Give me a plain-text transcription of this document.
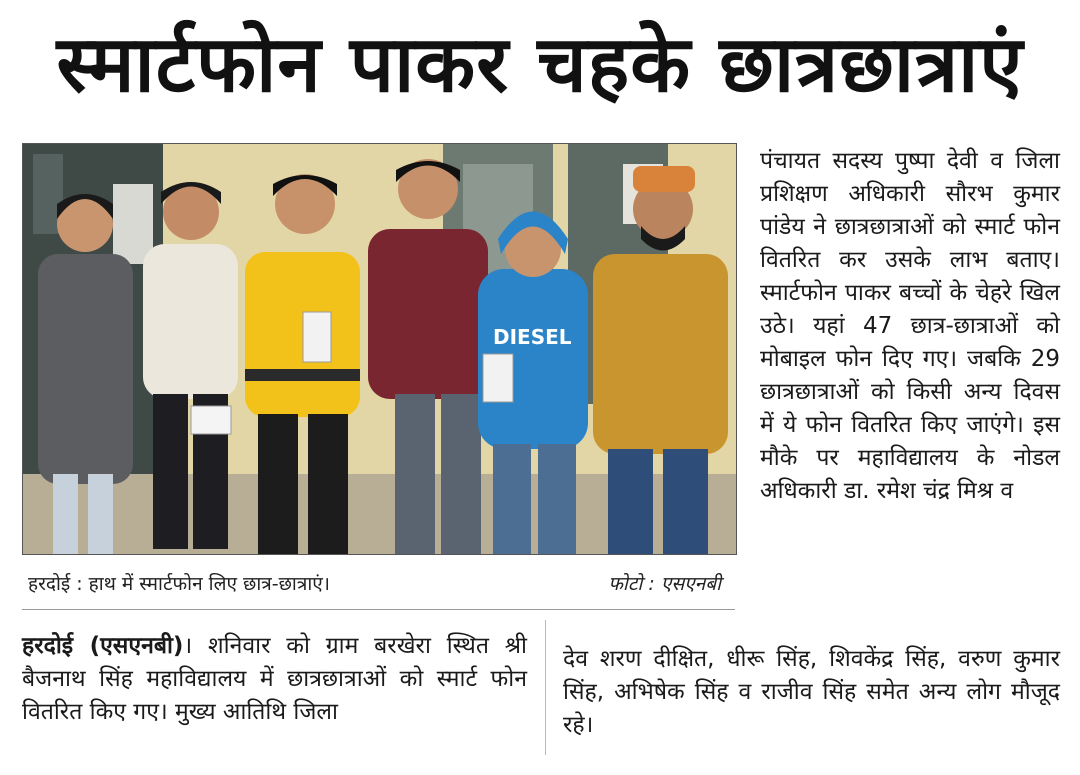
स्मार्टफोन पाकर चहके छात्रछात्राएं
DIESEL
हरदोई : हाथ में स्मार्टफोन लिए छात्र-छात्राएं।	फोटो : एसएनबी
पंचायत सदस्य पुष्पा देवी व जिला प्रशिक्षण अधिकारी सौरभ कुमार पांडेय ने छात्रछात्राओं को स्मार्ट फोन वितरित कर उसके लाभ बताए। स्मार्टफोन पाकर बच्चों के चेहरे खिल उठे। यहां 47 छात्र-छात्राओं को मोबाइल फोन दिए गए। जबकि 29 छात्रछात्राओं को किसी अन्य दिवस में ये फोन वितरित किए जाएंगे। इस मौके पर महाविद्यालय के नोडल अधिकारी डा. रमेश चंद्र मिश्र व
हरदोई (एसएनबी)। शनिवार को ग्राम बरखेरा स्थित श्री बैजनाथ सिंह महाविद्यालय में छात्रछात्राओं को स्मार्ट फोन वितरित किए गए। मुख्य आतिथि जिला
देव शरण दीक्षित, धीरू सिंह, शिवकेंद्र सिंह, वरुण कुमार सिंह, अभिषेक सिंह व राजीव सिंह समेत अन्य लोग मौजूद रहे।
